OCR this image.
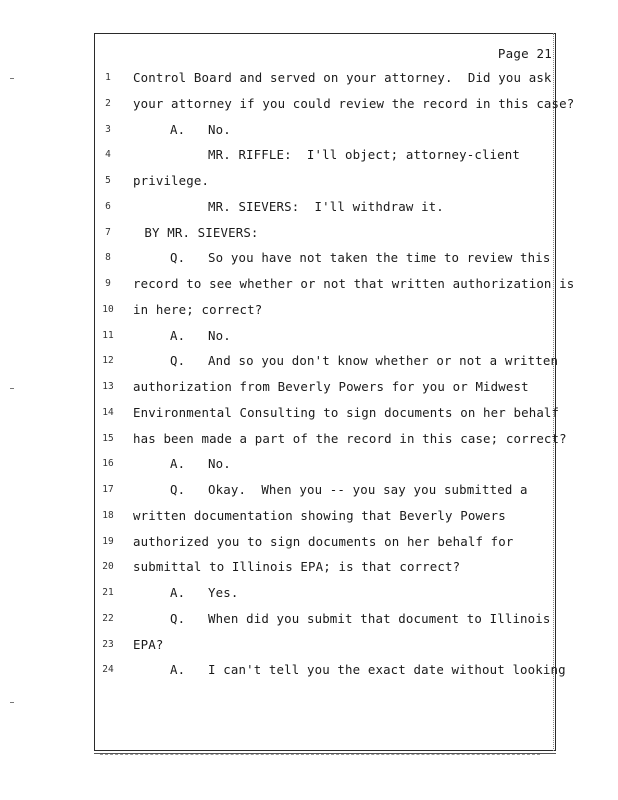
Page 21
1	Control Board and served on your attorney.  Did you ask
2	your attorney if you could review the record in this case?
3	A.   No.
4	MR. RIFFLE:  I'll object; attorney-client
5	privilege.
6	MR. SIEVERS:  I'll withdraw it.
7	BY MR. SIEVERS:
8	Q.   So you have not taken the time to review this
9	record to see whether or not that written authorization is
10 in here; correct?
11	A.   No.
12	Q.   And so you don't know whether or not a written
13 authorization from Beverly Powers for you or Midwest
14 Environmental Consulting to sign documents on her behalf
15 has been made a part of the record in this case; correct?
16	A.   No.
17	Q.   Okay.  When you -- you say you submitted a
18 written documentation showing that Beverly Powers
19 authorized you to sign documents on her behalf for
20 submittal to Illinois EPA; is that correct?
21	A.   Yes.
22	Q.   When did you submit that document to Illinois
23 EPA?
24	A.   I can't tell you the exact date without looking
